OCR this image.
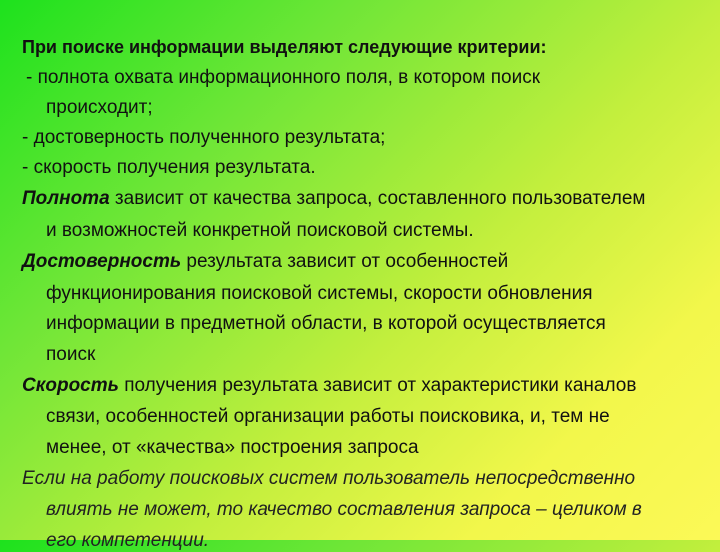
При поиске информации выделяют следующие критерии:
- полнота охвата информационного поля, в котором поиск
происходит;
- достоверность полученного результата;
- скорость получения результата.
Полнота зависит от качества запроса, составленного пользователем
и возможностей конкретной поисковой системы.
Достоверность результата зависит от особенностей
функционирования поисковой системы, скорости обновления
информации в предметной области, в которой осуществляется
поиск
Скорость получения результата зависит от характеристики каналов
связи, особенностей организации работы поисковика, и, тем не
менее, от «качества» построения запроса
Если на работу поисковых систем пользователь непосредственно
влиять не может, то качество составления запроса – целиком в
его компетенции.
